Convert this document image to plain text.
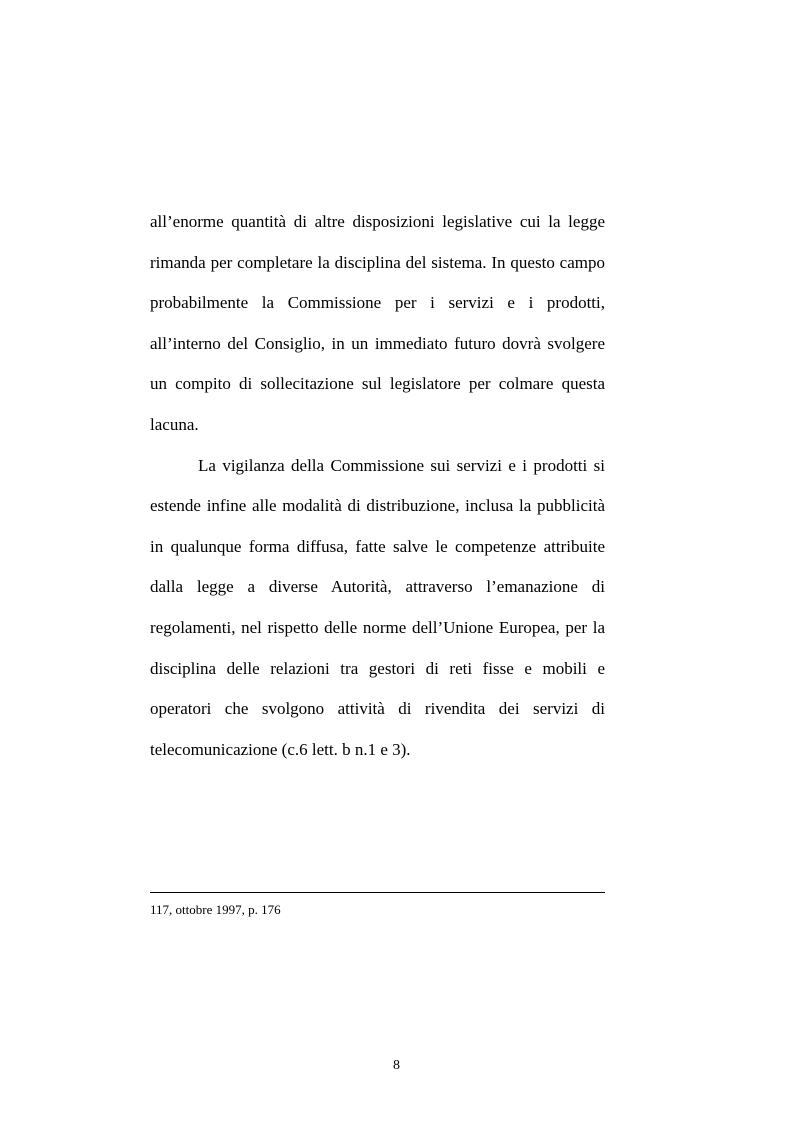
all’enorme quantità di altre disposizioni legislative cui la legge rimanda per completare la disciplina del sistema. In questo campo probabilmente la Commissione per i servizi e i prodotti, all’interno del Consiglio, in un immediato futuro dovrà svolgere un compito di sollecitazione sul legislatore per colmare questa lacuna.

La vigilanza della Commissione sui servizi e i prodotti si estende infine alle modalità di distribuzione, inclusa la pubblicità in qualunque forma diffusa, fatte salve le competenze attribuite dalla legge a diverse Autorità, attraverso l’emanazione di regolamenti, nel rispetto delle norme dell’Unione Europea, per la disciplina delle relazioni tra gestori di reti fisse e mobili e operatori che svolgono attività di rivendita dei servizi di telecomunicazione (c.6 lett. b n.1 e 3).

117, ottobre 1997, p. 176
8
